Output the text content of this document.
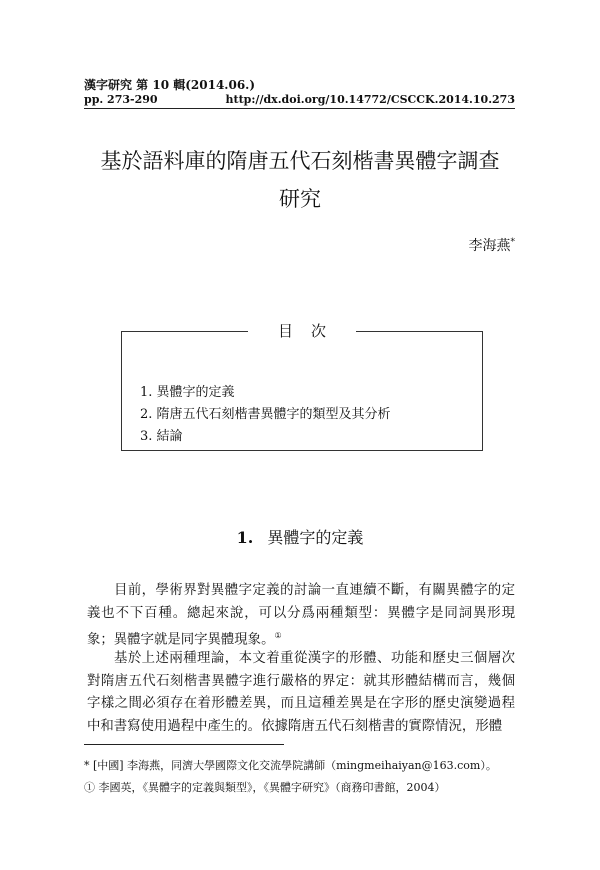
漢字研究 第 10 輯(2014.06.)
pp. 273-290	http://dx.doi.org/10.14772/CSCCK.2014.10.273
基於語料庫的隋唐五代石刻楷書異體字調查
研究
李海燕*
目次
1. 異體字的定義
2. 隋唐五代石刻楷書異體字的類型及其分析
3. 結論
1. 異體字的定義
目前，學術界對異體字定義的討論一直連續不斷，有關異體字的定義也不下百種。總起來說，可以分爲兩種類型：異體字是同詞異形現象；異體字就是同字異體現象。①
基於上述兩種理論，本文着重從漢字的形體、功能和歷史三個層次對隋唐五代石刻楷書異體字進行嚴格的界定：就其形體結構而言，幾個字樣之間必須存在着形體差異，而且這種差異是在字形的歷史演變過程中和書寫使用過程中產生的。依據隋唐五代石刻楷書的實際情況，形體
* [中國] 李海燕，同濟大學國際文化交流學院講師（mingmeihaiyan@163.com）。
① 李國英，《異體字的定義與類型》，《異體字研究》（商務印書館，2004）
